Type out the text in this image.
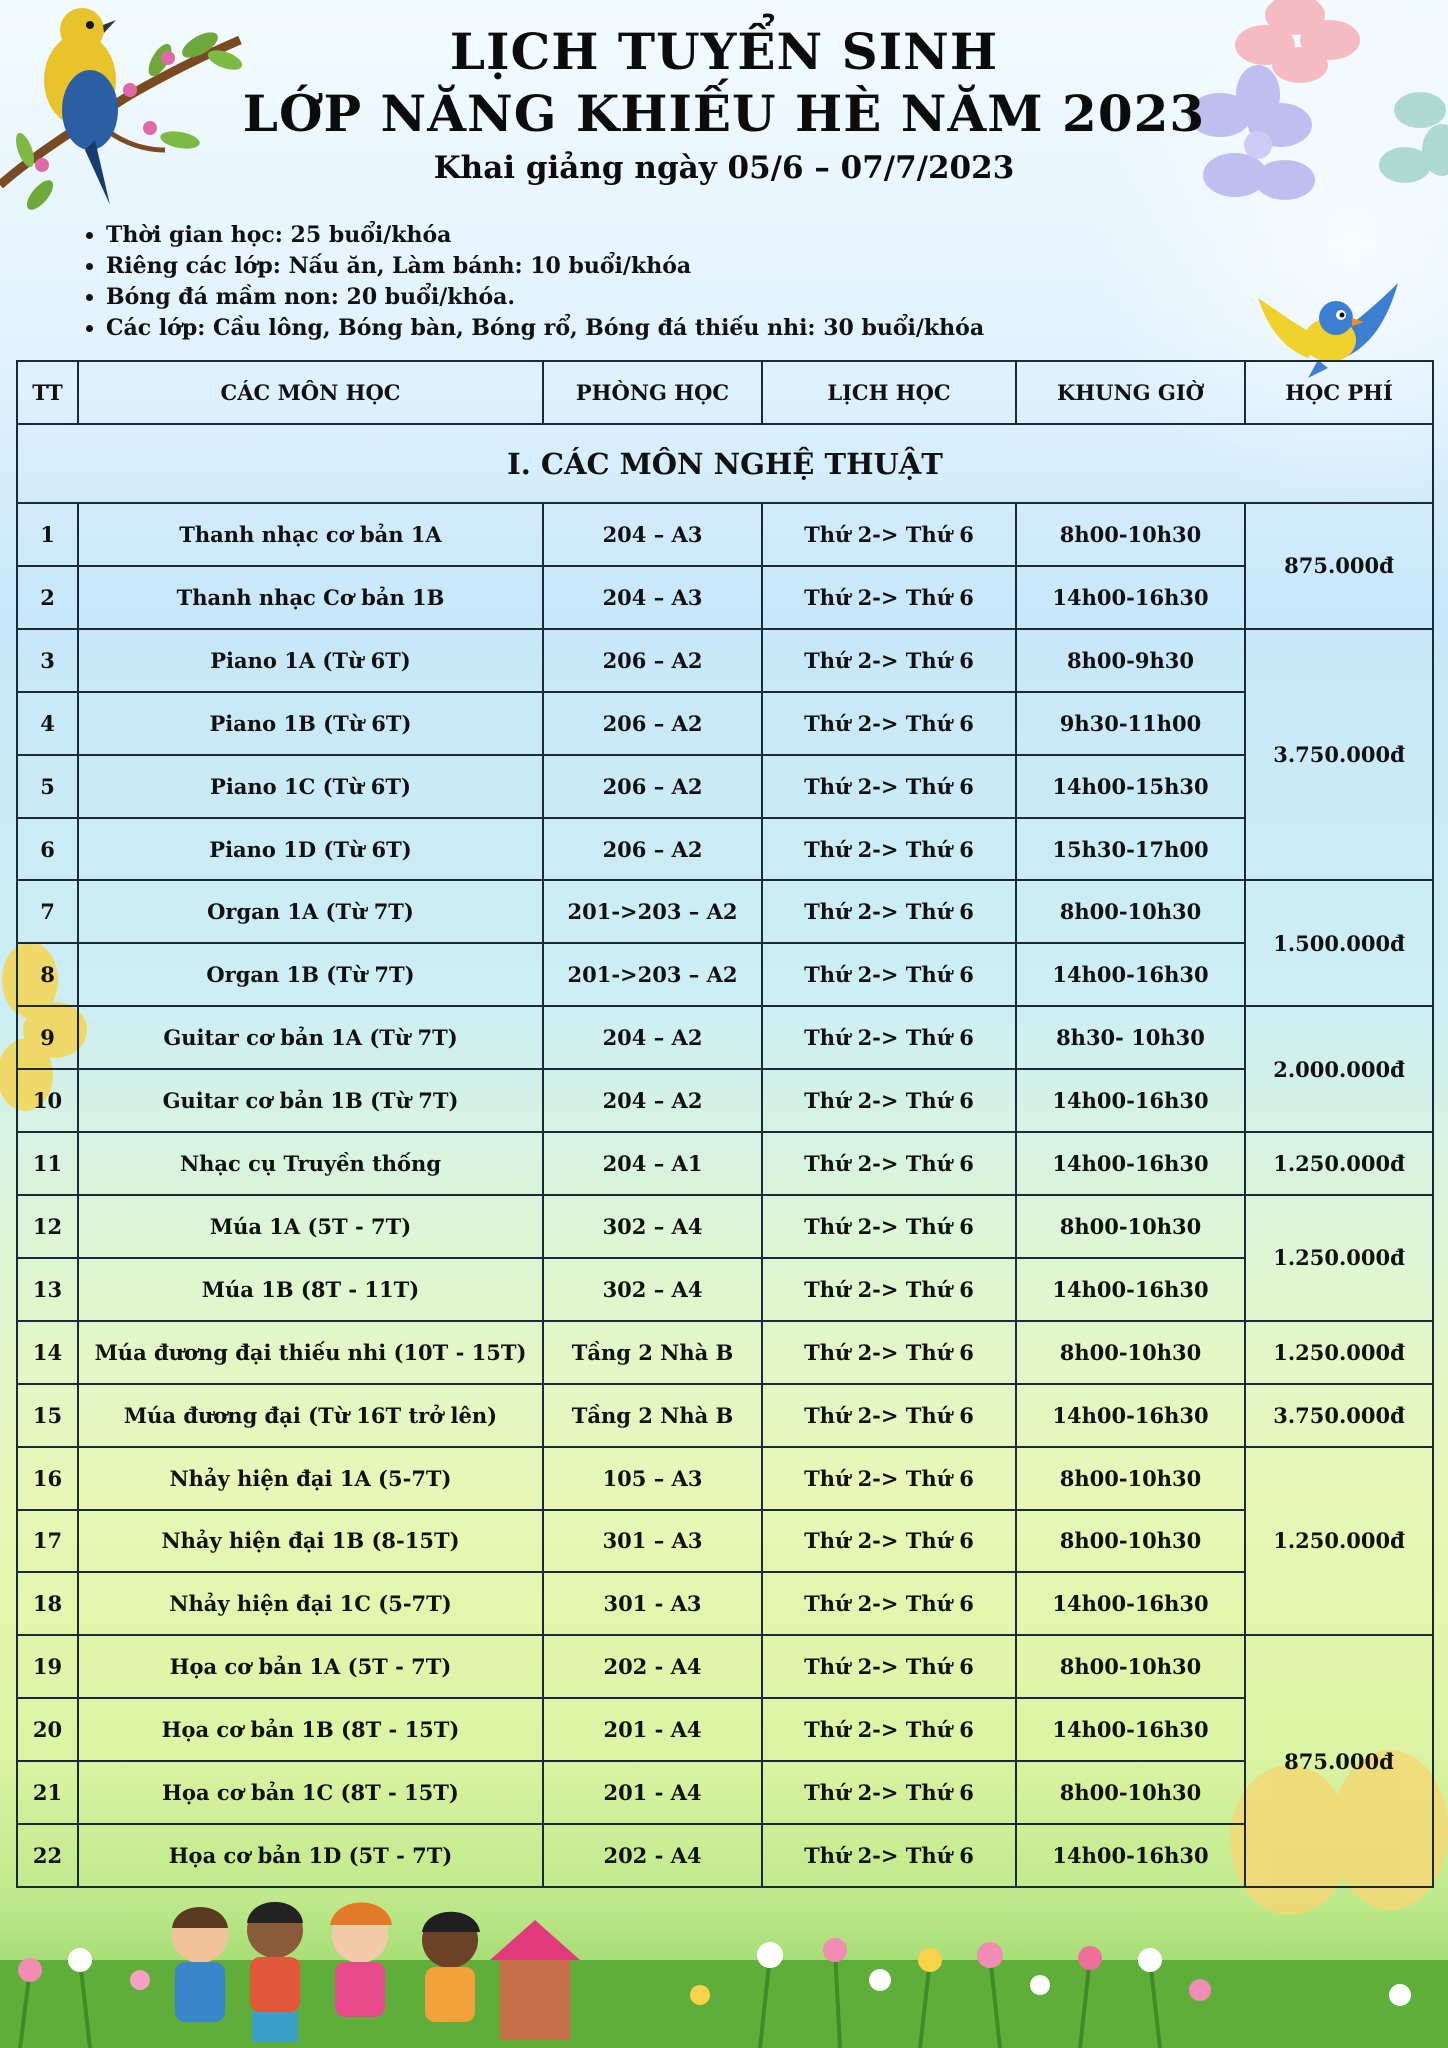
LỊCH TUYỂN SINH
LỚP NĂNG KHIẾU HÈ NĂM 2023
Khai giảng ngày 05/6 – 07/7/2023
• Thời gian học: 25 buổi/khóa
• Riêng các lớp: Nấu ăn, Làm bánh: 10 buổi/khóa
• Bóng đá mầm non: 20 buổi/khóa.
• Các lớp: Cầu lông, Bóng bàn, Bóng rổ, Bóng đá thiếu nhi: 30 buổi/khóa
TT	CÁC MÔN HỌC	PHÒNG HỌC	LỊCH HỌC	KHUNG GIỜ	HỌC PHÍ
I. CÁC MÔN NGHỆ THUẬT					
1	Thanh nhạc cơ bản 1A	204 – A3	Thứ 2-> Thứ 6	8h00-10h30	875.000đ
2	Thanh nhạc Cơ bản 1B	204 – A3	Thứ 2-> Thứ 6	14h00-16h30	
3	Piano 1A (Từ 6T)	206 – A2	Thứ 2-> Thứ 6	8h00-9h30	3.750.000đ
4	Piano 1B (Từ 6T)	206 – A2	Thứ 2-> Thứ 6	9h30-11h00	
5	Piano 1C (Từ 6T)	206 – A2	Thứ 2-> Thứ 6	14h00-15h30	
6	Piano 1D (Từ 6T)	206 – A2	Thứ 2-> Thứ 6	15h30-17h00	
7	Organ 1A (Từ 7T)	201->203 – A2	Thứ 2-> Thứ 6	8h00-10h30	1.500.000đ
8	Organ 1B (Từ 7T)	201->203 – A2	Thứ 2-> Thứ 6	14h00-16h30	
9	Guitar cơ bản 1A (Từ 7T)	204 – A2	Thứ 2-> Thứ 6	8h30- 10h30	2.000.000đ
10	Guitar cơ bản 1B (Từ 7T)	204 – A2	Thứ 2-> Thứ 6	14h00-16h30	
11	Nhạc cụ Truyền thống	204 – A1	Thứ 2-> Thứ 6	14h00-16h30	1.250.000đ
12	Múa 1A (5T - 7T)	302 – A4	Thứ 2-> Thứ 6	8h00-10h30	1.250.000đ
13	Múa 1B (8T - 11T)	302 – A4	Thứ 2-> Thứ 6	14h00-16h30	
14	Múa đương đại thiếu nhi (10T - 15T)	Tầng 2 Nhà B	Thứ 2-> Thứ 6	8h00-10h30	1.250.000đ
15	Múa đương đại (Từ 16T trở lên)	Tầng 2 Nhà B	Thứ 2-> Thứ 6	14h00-16h30	3.750.000đ
16	Nhảy hiện đại 1A (5-7T)	105 – A3	Thứ 2-> Thứ 6	8h00-10h30	1.250.000đ
17	Nhảy hiện đại 1B (8-15T)	301 – A3	Thứ 2-> Thứ 6	8h00-10h30	
18	Nhảy hiện đại 1C (5-7T)	301 - A3	Thứ 2-> Thứ 6	14h00-16h30	
19	Họa cơ bản 1A (5T - 7T)	202 - A4	Thứ 2-> Thứ 6	8h00-10h30	875.000đ
20	Họa cơ bản 1B (8T - 15T)	201 - A4	Thứ 2-> Thứ 6	14h00-16h30	
21	Họa cơ bản 1C (8T - 15T)	201 - A4	Thứ 2-> Thứ 6	8h00-10h30	
22	Họa cơ bản 1D (5T - 7T)	202 - A4	Thứ 2-> Thứ 6	14h00-16h30	
